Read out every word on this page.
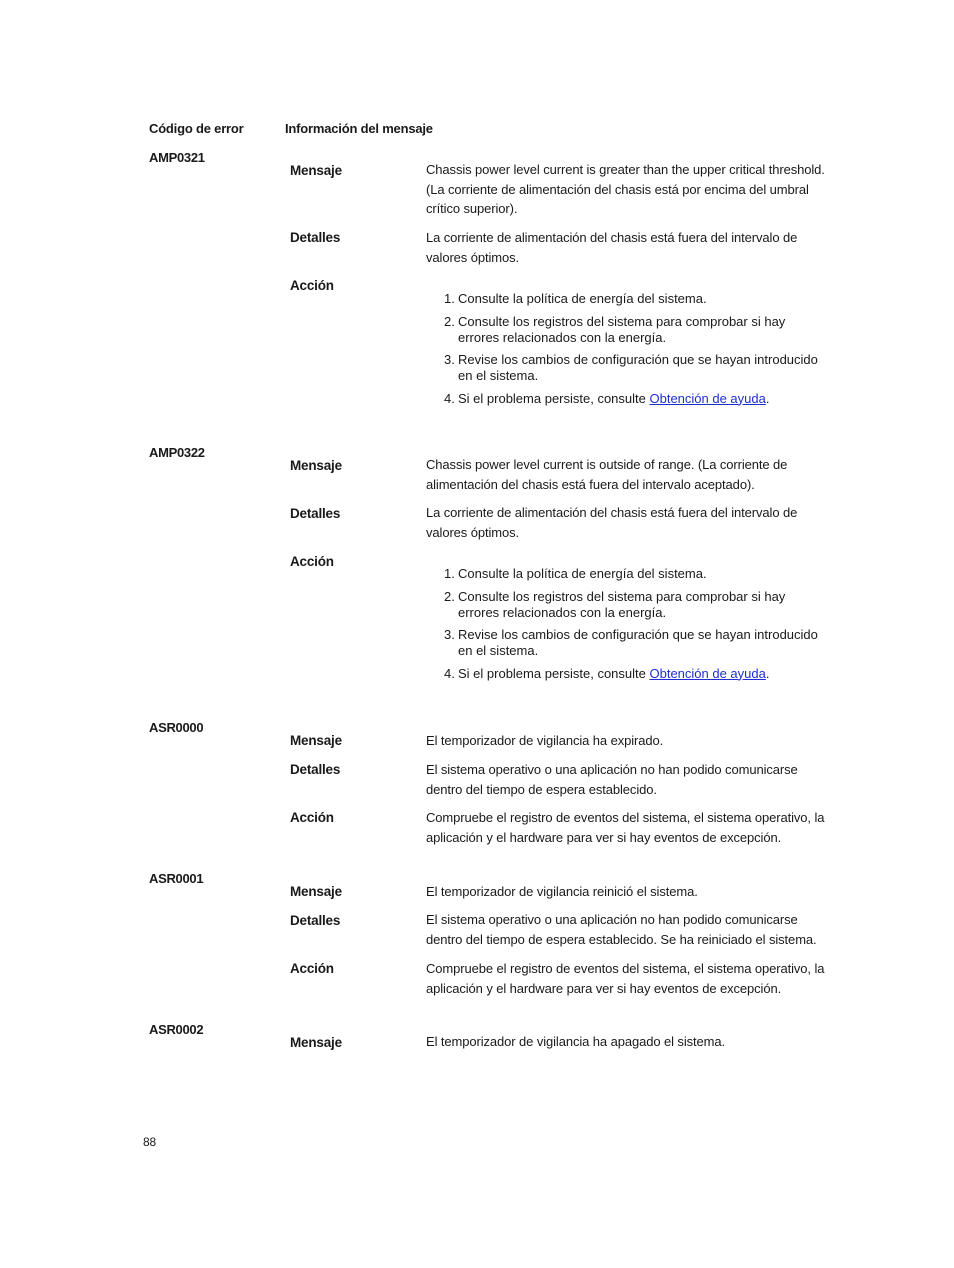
Código de error	Información del mensaje
AMP0321
Mensaje	Chassis power level current is greater than the upper critical threshold. (La corriente de alimentación del chasis está por encima del umbral crítico superior).
Detalles	La corriente de alimentación del chasis está fuera del intervalo de valores óptimos.
Acción
1. Consulte la política de energía del sistema.
2. Consulte los registros del sistema para comprobar si hay errores relacionados con la energía.
3. Revise los cambios de configuración que se hayan introducido en el sistema.
4. Si el problema persiste, consulte Obtención de ayuda.
AMP0322
Mensaje	Chassis power level current is outside of range. (La corriente de alimentación del chasis está fuera del intervalo aceptado).
Detalles	La corriente de alimentación del chasis está fuera del intervalo de valores óptimos.
Acción
1. Consulte la política de energía del sistema.
2. Consulte los registros del sistema para comprobar si hay errores relacionados con la energía.
3. Revise los cambios de configuración que se hayan introducido en el sistema.
4. Si el problema persiste, consulte Obtención de ayuda.
ASR0000
Mensaje	El temporizador de vigilancia ha expirado.
Detalles	El sistema operativo o una aplicación no han podido comunicarse dentro del tiempo de espera establecido.
Acción	Compruebe el registro de eventos del sistema, el sistema operativo, la aplicación y el hardware para ver si hay eventos de excepción.
ASR0001
Mensaje	El temporizador de vigilancia reinició el sistema.
Detalles	El sistema operativo o una aplicación no han podido comunicarse dentro del tiempo de espera establecido. Se ha reiniciado el sistema.
Acción	Compruebe el registro de eventos del sistema, el sistema operativo, la aplicación y el hardware para ver si hay eventos de excepción.
ASR0002
Mensaje	El temporizador de vigilancia ha apagado el sistema.
88
